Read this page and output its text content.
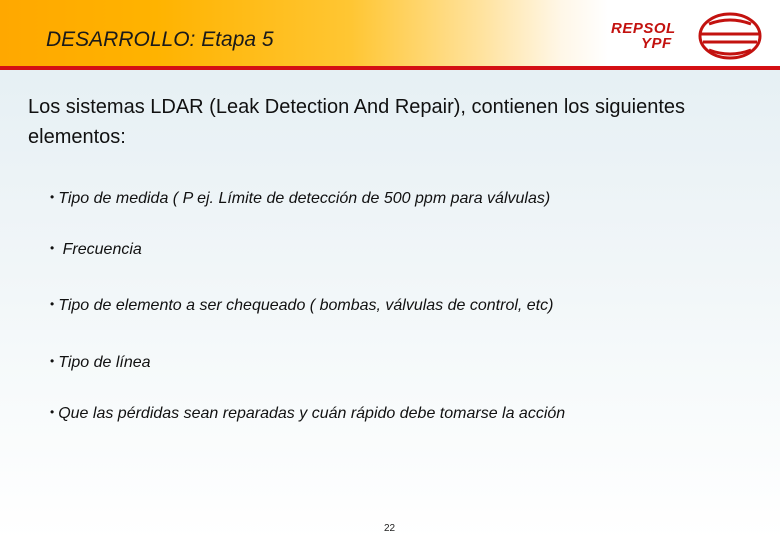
DESARROLLO: Etapa 5	REPSOL
YPF
Los sistemas LDAR (Leak Detection And Repair), contienen los siguientes elementos:
• Tipo de medida ( P ej. Límite de detección de 500 ppm para válvulas)
• Frecuencia
• Tipo de elemento a ser chequeado ( bombas, válvulas de control, etc)
• Tipo de línea
• Que las pérdidas sean reparadas y cuán rápido debe tomarse la acción
22
